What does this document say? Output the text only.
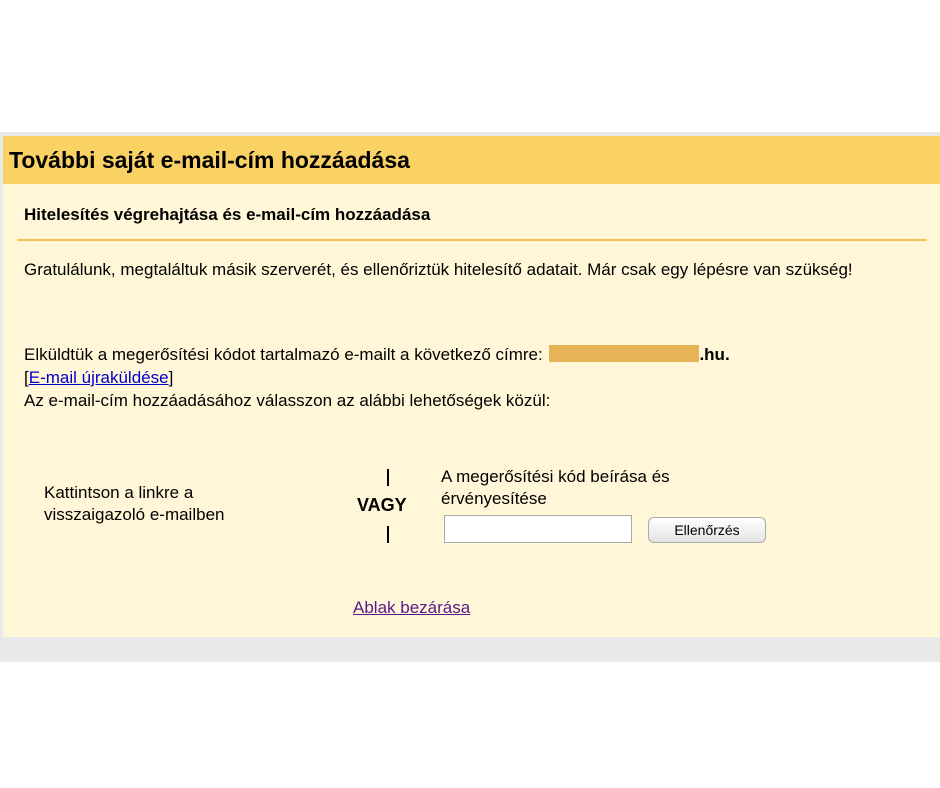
További saját e-mail-cím hozzáadása
Hitelesítés végrehajtása és e-mail-cím hozzáadása
Gratulálunk, megtaláltuk másik szerverét, és ellenőriztük hitelesítő adatait. Már csak egy lépésre van szükség!
Elküldtük a megerősítési kódot tartalmazó e-mailt a következő címre:	.hu.
[E-mail újraküldése]
Az e-mail-cím hozzáadásához válasszon az alábbi lehetőségek közül:
Kattintson a linkre a visszaigazoló e-mailben	VAGY
A megerősítési kód beírása és érvényesítése
Ellenőrzés
Ablak bezárása
